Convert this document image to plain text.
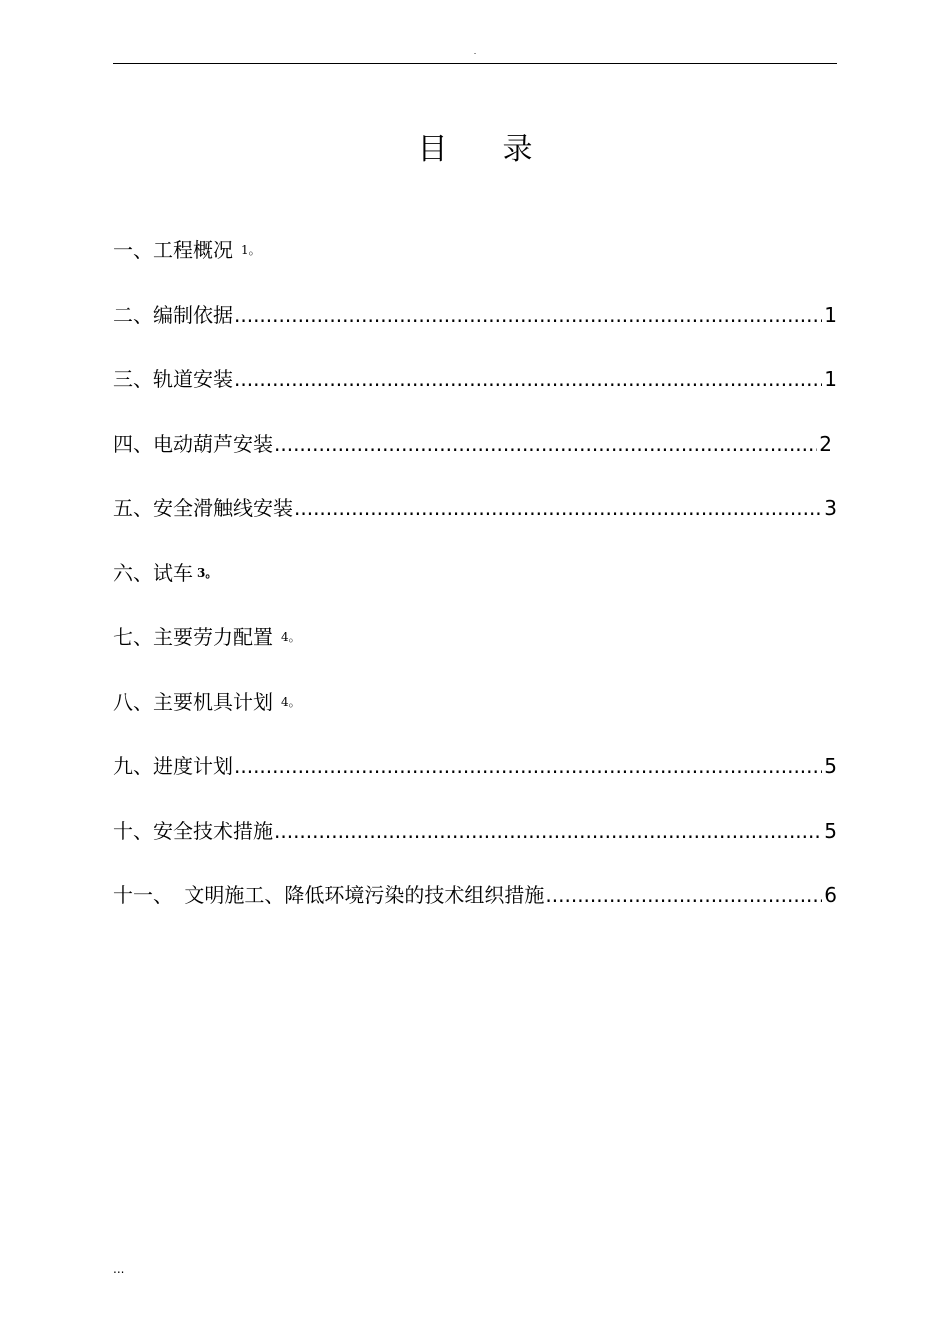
.
目 录
一、工程概况 1。
二、编制依据 .....	1
三、轨道安装 .....	1
四、电动葫芦安装 .....	2
五、安全滑触线安装 .....	3
六、试车 3。
七、主要劳力配置 4。
八、主要机具计划 4。
九、进度计划 .....	5
十、安全技术措施 .....	5
十一、 文明施工、降低环境污染的技术组织措施 .....	6
...
